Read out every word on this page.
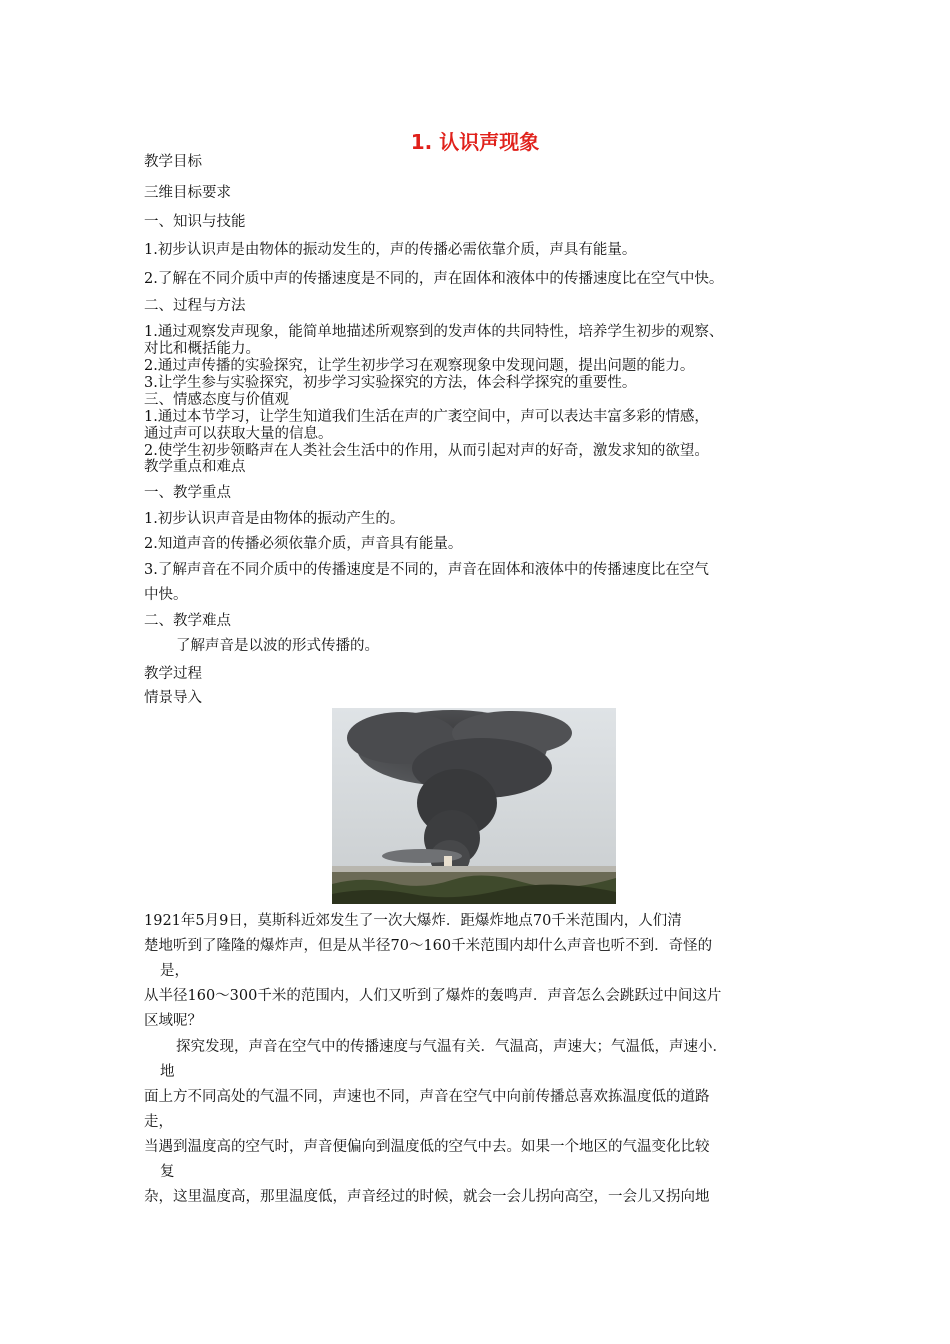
1. 认识声现象
教学目标
三维目标要求
一、知识与技能
1.初步认识声是由物体的振动发生的，声的传播必需依靠介质，声具有能量。
2.了解在不同介质中声的传播速度是不同的，声在固体和液体中的传播速度比在空气中快。
二、过程与方法
1.通过观察发声现象，能简单地描述所观察到的发声体的共同特性，培养学生初步的观察、
对比和概括能力。
2.通过声传播的实验探究，让学生初步学习在观察现象中发现问题，提出问题的能力。
3.让学生参与实验探究，初步学习实验探究的方法，体会科学探究的重要性。
三、情感态度与价值观
1.通过本节学习，让学生知道我们生活在声的广袤空间中，声可以表达丰富多彩的情感，
通过声可以获取大量的信息。
2.使学生初步领略声在人类社会生活中的作用，从而引起对声的好奇，激发求知的欲望。
教学重点和难点
一、教学重点
1.初步认识声音是由物体的振动产生的。
2.知道声音的传播必须依靠介质，声音具有能量。
3.了解声音在不同介质中的传播速度是不同的，声音在固体和液体中的传播速度比在空气
中快。
二、教学难点
了解声音是以波的形式传播的。
教学过程
情景导入
1921年5月9日，莫斯科近郊发生了一次大爆炸．距爆炸地点70千米范围内，人们清
楚地听到了隆隆的爆炸声，但是从半径70～160千米范围内却什么声音也听不到．奇怪的
是，
从半径160～300千米的范围内，人们又听到了爆炸的轰鸣声．声音怎么会跳跃过中间这片
区域呢？
探究发现，声音在空气中的传播速度与气温有关．气温高，声速大；气温低，声速小．
地
面上方不同高处的气温不同，声速也不同，声音在空气中向前传播总喜欢拣温度低的道路
走，
当遇到温度高的空气时，声音便偏向到温度低的空气中去。如果一个地区的气温变化比较
复
杂，这里温度高，那里温度低，声音经过的时候，就会一会儿拐向高空，一会儿又拐向地
